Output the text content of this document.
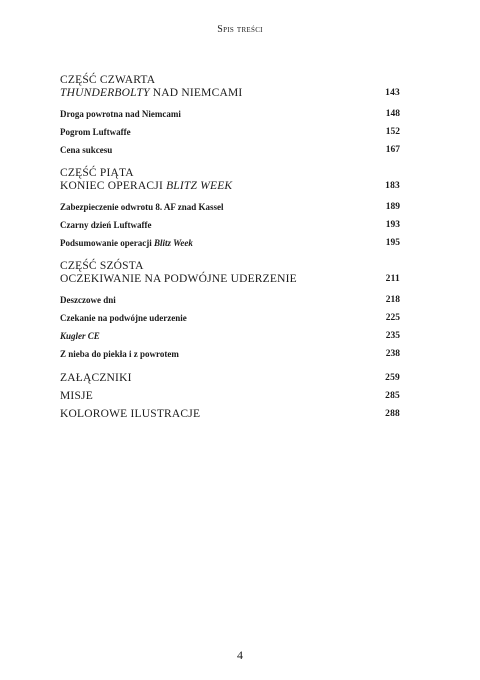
Spis treści
CZĘŚĆ CZWARTA
THUNDERBOLTY NAD NIEMCAMI	143
Droga powrotna nad Niemcami	148
Pogrom Luftwaffe	152
Cena sukcesu	167
CZĘŚĆ PIĄTA
KONIEC OPERACJI BLITZ WEEK	183
Zabezpieczenie odwrotu 8. AF znad Kassel	189
Czarny dzień Luftwaffe	193
Podsumowanie operacji Blitz Week	195
CZĘŚĆ SZÓSTA
OCZEKIWANIE NA PODWÓJNE UDERZENIE	211
Deszczowe dni	218
Czekanie na podwójne uderzenie	225
Kugler CE	235
Z nieba do piekła i z powrotem	238
ZAŁĄCZNIKI	259
MISJE	285
KOLOROWE ILUSTRACJE	288
4
